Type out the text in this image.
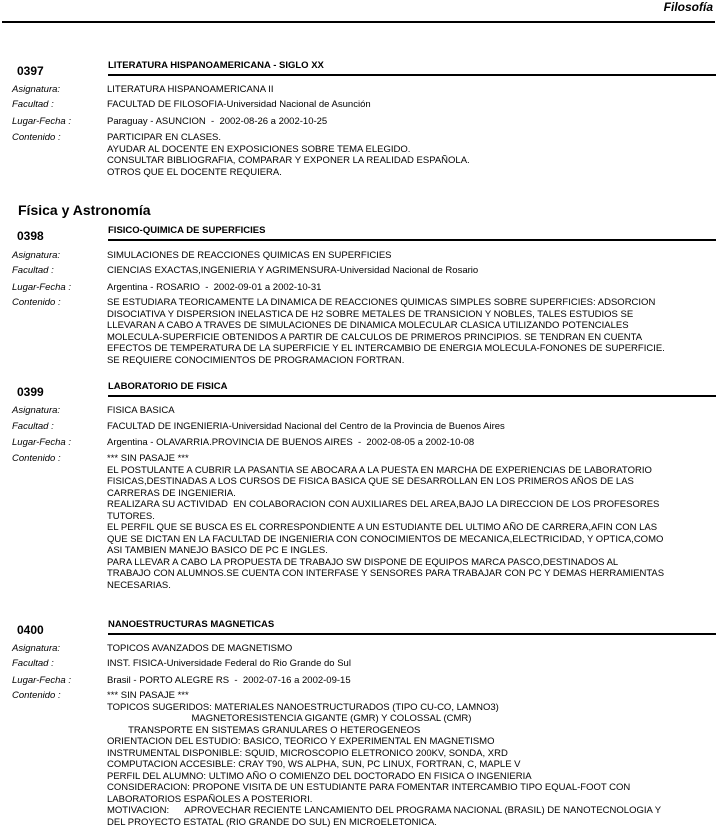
Filosofía
0397	LITERATURA HISPANOAMERICANA - SIGLO XX
Asignatura:	LITERATURA HISPANOAMERICANA II
Facultad :	FACULTAD DE FILOSOFIA-Universidad Nacional de Asunción
Lugar-Fecha :	Paraguay - ASUNCION  -  2002-08-26 a 2002-10-25
Contenido :	PARTICIPAR EN CLASES.
AYUDAR AL DOCENTE EN EXPOSICIONES SOBRE TEMA ELEGIDO.
CONSULTAR BIBLIOGRAFIA, COMPARAR Y EXPONER LA REALIDAD ESPAÑOLA.
OTROS QUE EL DOCENTE REQUIERA.
Física y Astronomía
0398	FISICO-QUIMICA DE SUPERFICIES
Asignatura:	SIMULACIONES DE REACCIONES QUIMICAS EN SUPERFICIES
Facultad :	CIENCIAS EXACTAS,INGENIERIA Y AGRIMENSURA-Universidad Nacional de Rosario
Lugar-Fecha :	Argentina - ROSARIO  -  2002-09-01 a 2002-10-31
Contenido :	SE ESTUDIARA TEORICAMENTE LA DINAMICA DE REACCIONES QUIMICAS SIMPLES SOBRE SUPERFICIES: ADSORCION
DISOCIATIVA Y DISPERSION INELASTICA DE H2 SOBRE METALES DE TRANSICION Y NOBLES, TALES ESTUDIOS SE
LLEVARAN A CABO A TRAVES DE SIMULACIONES DE DINAMICA MOLECULAR CLASICA UTILIZANDO POTENCIALES
MOLECULA-SUPERFICIE OBTENIDOS A PARTIR DE CALCULOS DE PRIMEROS PRINCIPIOS. SE TENDRAN EN CUENTA
EFECTOS DE TEMPERATURA DE LA SUPERFICIE Y EL INTERCAMBIO DE ENERGIA MOLECULA-FONONES DE SUPERFICIE.
SE REQUIERE CONOCIMIENTOS DE PROGRAMACION FORTRAN.
0399	LABORATORIO DE FISICA
Asignatura:	FISICA BASICA
Facultad :	FACULTAD DE INGENIERIA-Universidad Nacional del Centro de la Provincia de Buenos Aires
Lugar-Fecha :	Argentina - OLAVARRIA.PROVINCIA DE BUENOS AIRES  -  2002-08-05 a 2002-10-08
Contenido :	*** SIN PASAJE ***
EL POSTULANTE A CUBRIR LA PASANTIA SE ABOCARA A LA PUESTA EN MARCHA DE EXPERIENCIAS DE LABORATORIO
FISICAS,DESTINADAS A LOS CURSOS DE FISICA BASICA QUE SE DESARROLLAN EN LOS PRIMEROS AÑOS DE LAS
CARRERAS DE INGENIERIA.
REALIZARA SU ACTIVIDAD  EN COLABORACION CON AUXILIARES DEL AREA,BAJO LA DIRECCION DE LOS PROFESORES
TUTORES.
EL PERFIL QUE SE BUSCA ES EL CORRESPONDIENTE A UN ESTUDIANTE DEL ULTIMO AÑO DE CARRERA,AFIN CON LAS
QUE SE DICTAN EN LA FACULTAD DE INGENIERIA CON CONOCIMIENTOS DE MECANICA,ELECTRICIDAD, Y OPTICA,COMO
ASI TAMBIEN MANEJO BASICO DE PC E INGLES.
PARA LLEVAR A CABO LA PROPUESTA DE TRABAJO SW DISPONE DE EQUIPOS MARCA PASCO,DESTINADOS AL
TRABAJO CON ALUMNOS.SE CUENTA CON INTERFASE Y SENSORES PARA TRABAJAR CON PC Y DEMAS HERRAMIENTAS
NECESARIAS.
0400	NANOESTRUCTURAS MAGNETICAS
Asignatura:	TOPICOS AVANZADOS DE MAGNETISMO
Facultad :	INST. FISICA-Universidade Federal do Rio Grande do Sul
Lugar-Fecha :	Brasil - PORTO ALEGRE RS  -  2002-07-16 a 2002-09-15
Contenido :	*** SIN PASAJE ***
TOPICOS SUGERIDOS: MATERIALES NANOESTRUCTURADOS (TIPO CU-CO, LAMNO3)
MAGNETORESISTENCIA GIGANTE (GMR) Y COLOSSAL (CMR)
TRANSPORTE EN SISTEMAS GRANULARES O HETEROGENEOS
ORIENTACION DEL ESTUDIO: BASICO, TEORICO Y EXPERIMENTAL EN MAGNETISMO
INSTRUMENTAL DISPONIBLE: SQUID, MICROSCOPIO ELETRONICO 200KV, SONDA, XRD
COMPUTACION ACCESIBLE: CRAY T90, WS ALPHA, SUN, PC LINUX, FORTRAN, C, MAPLE V
PERFIL DEL ALUMNO: ULTIMO AÑO O COMIENZO DEL DOCTORADO EN FISICA O INGENIERIA
CONSIDERACION: PROPONE VISITA DE UN ESTUDIANTE PARA FOMENTAR INTERCAMBIO TIPO EQUAL-FOOT CON
LABORATORIOS ESPAÑOLES A POSTERIORI.
MOTIVACION:      APROVECHAR RECIENTE LANCAMIENTO DEL PROGRAMA NACIONAL (BRASIL) DE NANOTECNOLOGIA Y
DEL PROYECTO ESTATAL (RIO GRANDE DO SUL) EN MICROELETONICA.
